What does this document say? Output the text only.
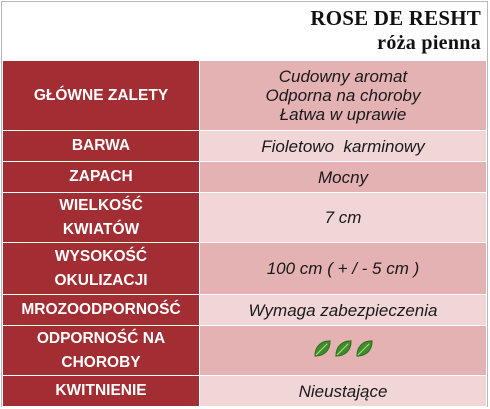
ROSE DE RESHT
róża pienna
GŁÓWNE ZALETY	Cudowny aromat
Odporna na choroby
Łatwa w uprawie

BARWA	Fioletowo  karminowy

ZAPACH	Mocny

WIELKOŚĆ
KWIATÓW	7 cm

WYSOKOŚĆ
OKULIZACJI	100 cm ( + / - 5 cm )

MROZOODPORNOŚĆ	Wymaga zabezpieczenia

ODPORNOŚĆ NA
CHOROBY

KWITNIENIE	Nieustające
